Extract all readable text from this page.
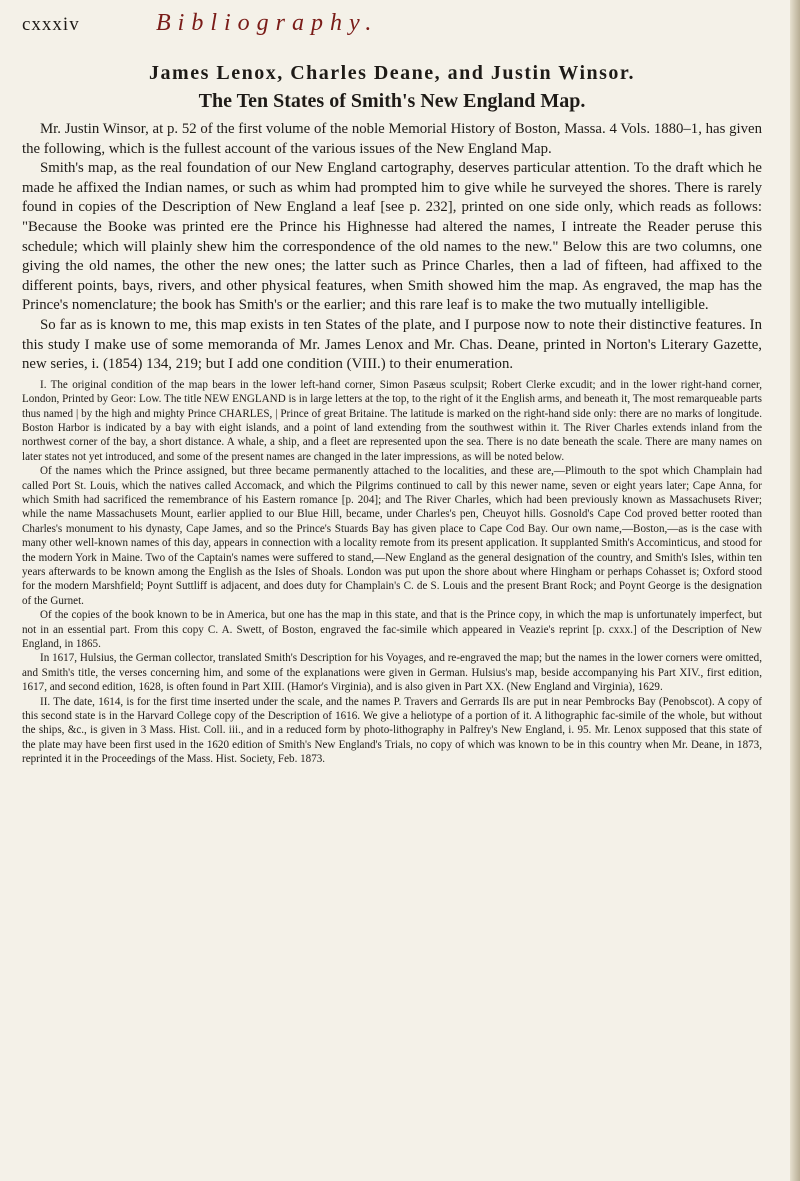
cxxxiv	Bibliography.
James Lenox, Charles Deane, and Justin Winsor.
The Ten States of Smith's New England Map.

Mr. Justin Winsor, at p. 52 of the first volume of the noble Memorial History of Boston, Massa. 4 Vols. 1880–1, has given the following, which is the fullest account of the various issues of the New England Map.

Smith's map, as the real foundation of our New England cartography, deserves particular attention. To the draft which he made he affixed the Indian names, or such as whim had prompted him to give while he surveyed the shores. There is rarely found in copies of the Description of New England a leaf [see p. 232], printed on one side only, which reads as follows: "Because the Booke was printed ere the Prince his Highnesse had altered the names, I intreate the Reader peruse this schedule; which will plainly shew him the correspondence of the old names to the new." Below this are two columns, one giving the old names, the other the new ones; the latter such as Prince Charles, then a lad of fifteen, had affixed to the different points, bays, rivers, and other physical features, when Smith showed him the map. As engraved, the map has the Prince's nomenclature; the book has Smith's or the earlier; and this rare leaf is to make the two mutually intelligible.

So far as is known to me, this map exists in ten States of the plate, and I purpose now to note their distinctive features. In this study I make use of some memoranda of Mr. James Lenox and Mr. Chas. Deane, printed in Norton's Literary Gazette, new series, i. (1854) 134, 219; but I add one condition (VIII.) to their enumeration.

I. The original condition of the map bears in the lower left-hand corner, Simon Pasæus sculpsit; Robert Clerke excudit; and in the lower right-hand corner, London, Printed by Geor: Low. The title NEW ENGLAND is in large letters at the top, to the right of it the English arms, and beneath it, The most remarqueable parts thus named | by the high and mighty Prince CHARLES, | Prince of great Britaine. The latitude is marked on the right-hand side only: there are no marks of longitude. Boston Harbor is indicated by a bay with eight islands, and a point of land extending from the southwest within it. The River Charles extends inland from the northwest corner of the bay, a short distance. A whale, a ship, and a fleet are represented upon the sea. There is no date beneath the scale. There are many names on later states not yet introduced, and some of the present names are changed in the later impressions, as will be noted below.

Of the names which the Prince assigned, but three became permanently attached to the localities, and these are,—Plimouth to the spot which Champlain had called Port St. Louis, which the natives called Accomack, and which the Pilgrims continued to call by this newer name, seven or eight years later; Cape Anna, for which Smith had sacrificed the remembrance of his Eastern romance [p. 204]; and The River Charles, which had been previously known as Massachusets River; while the name Massachusets Mount, earlier applied to our Blue Hill, became, under Charles's pen, Cheuyot hills. Gosnold's Cape Cod proved better rooted than Charles's monument to his dynasty, Cape James, and so the Prince's Stuards Bay has given place to Cape Cod Bay. Our own name,—Boston,—as is the case with many other well-known names of this day, appears in connection with a locality remote from its present application. It supplanted Smith's Accominticus, and stood for the modern York in Maine. Two of the Captain's names were suffered to stand,—New England as the general designation of the country, and Smith's Isles, within ten years afterwards to be known among the English as the Isles of Shoals. London was put upon the shore about where Hingham or perhaps Cohasset is; Oxford stood for the modern Marshfield; Poynt Suttliff is adjacent, and does duty for Champlain's C. de S. Louis and the present Brant Rock; and Poynt George is the designation of the Gurnet.

Of the copies of the book known to be in America, but one has the map in this state, and that is the Prince copy, in which the map is unfortunately imperfect, but not in an essential part. From this copy C. A. Swett, of Boston, engraved the fac-simile which appeared in Veazie's reprint [p. cxxx.] of the Description of New England, in 1865.

In 1617, Hulsius, the German collector, translated Smith's Description for his Voyages, and re-engraved the map; but the names in the lower corners were omitted, and Smith's title, the verses concerning him, and some of the explanations were given in German. Hulsius's map, beside accompanying his Part XIV., first edition, 1617, and second edition, 1628, is often found in Part XIII. (Hamor's Virginia), and is also given in Part XX. (New England and Virginia), 1629.

II. The date, 1614, is for the first time inserted under the scale, and the names P. Travers and Gerrards Ils are put in near Pembrocks Bay (Penobscot). A copy of this second state is in the Harvard College copy of the Description of 1616. We give a heliotype of a portion of it. A lithographic fac-simile of the whole, but without the ships, &c., is given in 3 Mass. Hist. Coll. iii., and in a reduced form by photo-lithography in Palfrey's New England, i. 95. Mr. Lenox supposed that this state of the plate may have been first used in the 1620 edition of Smith's New England's Trials, no copy of which was known to be in this country when Mr. Deane, in 1873, reprinted it in the Proceedings of the Mass. Hist. Society, Feb. 1873.
